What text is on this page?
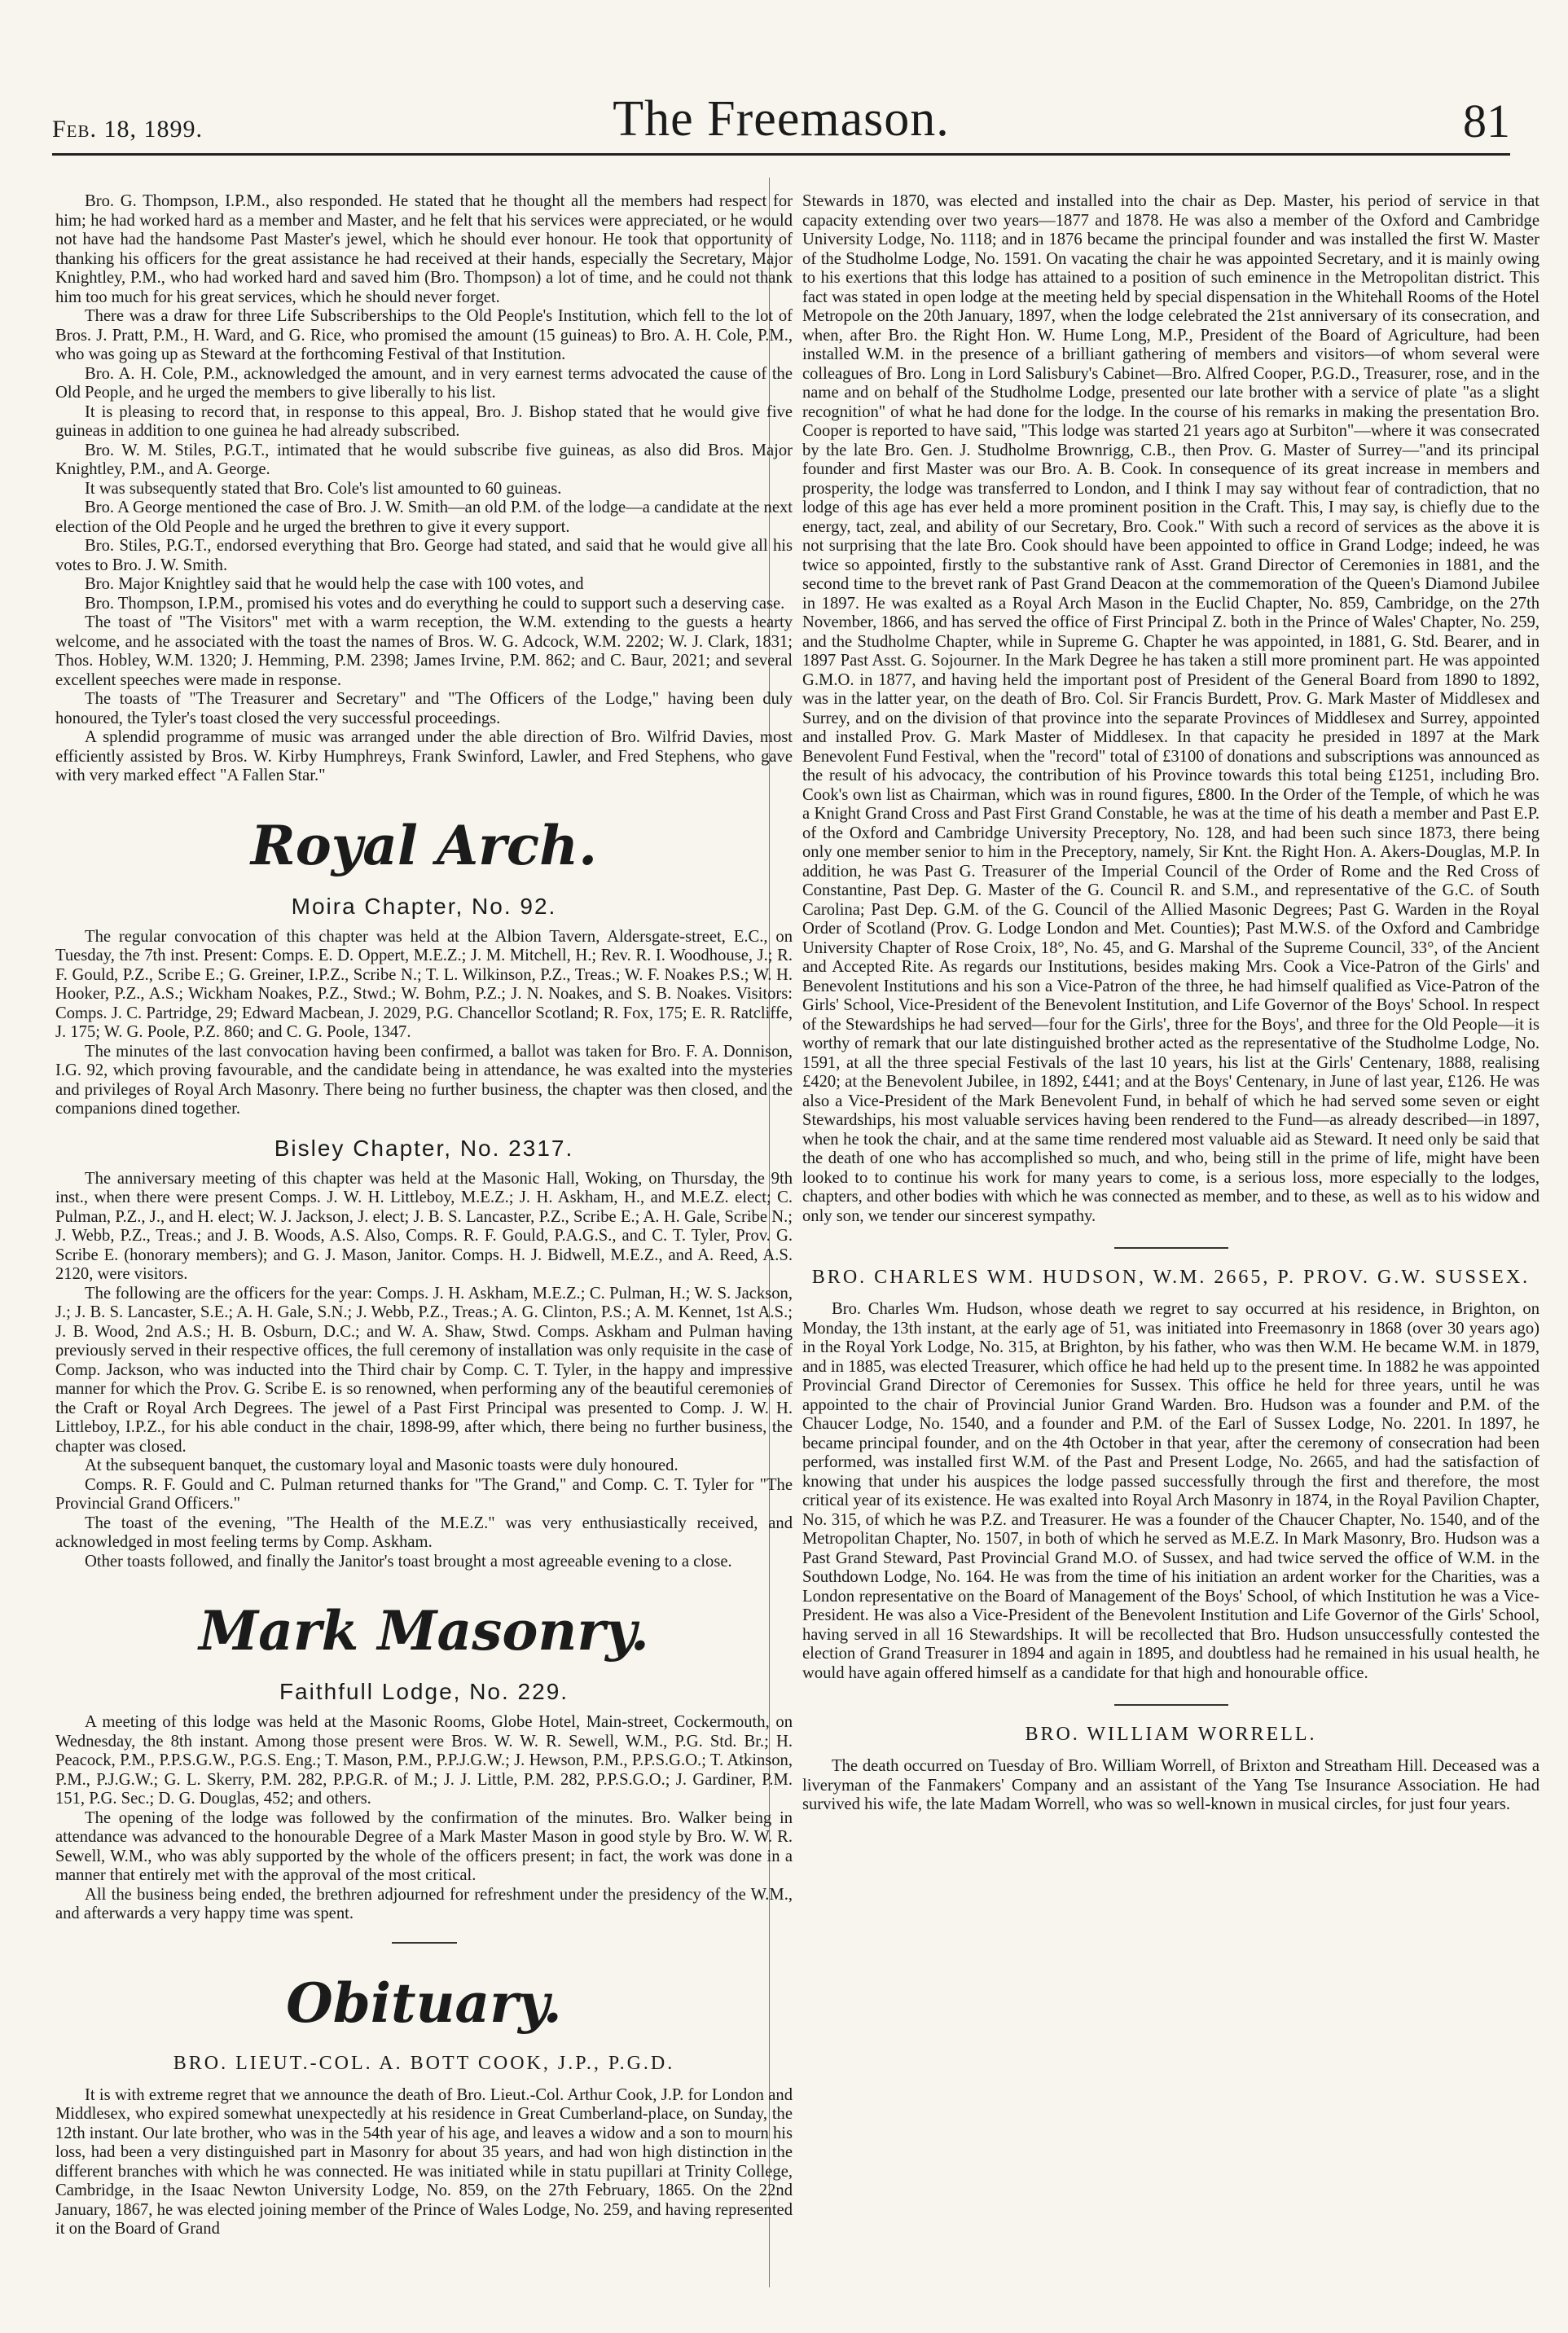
Feb. 18, 1899.	The Freemason.	81

Bro. G. Thompson, I.P.M., also responded. He stated that he thought all the members had respect for him; he had worked hard as a member and Master, and he felt that his services were appreciated, or he would not have had the handsome Past Master's jewel, which he should ever honour. He took that opportunity of thanking his officers for the great assistance he had received at their hands, especially the Secretary, Major Knightley, P.M., who had worked hard and saved him (Bro. Thompson) a lot of time, and he could not thank him too much for his great services, which he should never forget.

There was a draw for three Life Subscriberships to the Old People's Institution, which fell to the lot of Bros. J. Pratt, P.M., H. Ward, and G. Rice, who promised the amount (15 guineas) to Bro. A. H. Cole, P.M., who was going up as Steward at the forthcoming Festival of that Institution.

Bro. A. H. Cole, P.M., acknowledged the amount, and in very earnest terms advocated the cause of the Old People, and he urged the members to give liberally to his list.

It is pleasing to record that, in response to this appeal, Bro. J. Bishop stated that he would give five guineas in addition to one guinea he had already subscribed.

Bro. W. M. Stiles, P.G.T., intimated that he would subscribe five guineas, as also did Bros. Major Knightley, P.M., and A. George.

It was subsequently stated that Bro. Cole's list amounted to 60 guineas.

Bro. A George mentioned the case of Bro. J. W. Smith—an old P.M. of the lodge—a candidate at the next election of the Old People and he urged the brethren to give it every support.

Bro. Stiles, P.G.T., endorsed everything that Bro. George had stated, and said that he would give all his votes to Bro. J. W. Smith.

Bro. Major Knightley said that he would help the case with 100 votes, and

Bro. Thompson, I.P.M., promised his votes and do everything he could to support such a deserving case.

The toast of "The Visitors" met with a warm reception, the W.M. extending to the guests a hearty welcome, and he associated with the toast the names of Bros. W. G. Adcock, W.M. 2202; W. J. Clark, 1831; Thos. Hobley, W.M. 1320; J. Hemming, P.M. 2398; James Irvine, P.M. 862; and C. Baur, 2021; and several excellent speeches were made in response.

The toasts of "The Treasurer and Secretary" and "The Officers of the Lodge," having been duly honoured, the Tyler's toast closed the very successful proceedings.

A splendid programme of music was arranged under the able direction of Bro. Wilfrid Davies, most efficiently assisted by Bros. W. Kirby Humphreys, Frank Swinford, Lawler, and Fred Stephens, who gave with very marked effect "A Fallen Star."

Royal Arch.
Moira Chapter, No. 92.

The regular convocation of this chapter was held at the Albion Tavern, Aldersgate-street, E.C., on Tuesday, the 7th inst. Present: Comps. E. D. Oppert, M.E.Z.; J. M. Mitchell, H.; Rev. R. I. Woodhouse, J.; R. F. Gould, P.Z., Scribe E.; G. Greiner, I.P.Z., Scribe N.; T. L. Wilkinson, P.Z., Treas.; W. F. Noakes P.S.; W. H. Hooker, P.Z., A.S.; Wickham Noakes, P.Z., Stwd.; W. Bohm, P.Z.; J. N. Noakes, and S. B. Noakes. Visitors: Comps. J. C. Partridge, 29; Edward Macbean, J. 2029, P.G. Chancellor Scotland; R. Fox, 175; E. R. Ratcliffe, J. 175; W. G. Poole, P.Z. 860; and C. G. Poole, 1347.

The minutes of the last convocation having been confirmed, a ballot was taken for Bro. F. A. Donnison, I.G. 92, which proving favourable, and the candidate being in attendance, he was exalted into the mysteries and privileges of Royal Arch Masonry. There being no further business, the chapter was then closed, and the companions dined together.

Bisley Chapter, No. 2317.

The anniversary meeting of this chapter was held at the Masonic Hall, Woking, on Thursday, the 9th inst., when there were present Comps. J. W. H. Littleboy, M.E.Z.; J. H. Askham, H., and M.E.Z. elect; C. Pulman, P.Z., J., and H. elect; W. J. Jackson, J. elect; J. B. S. Lancaster, P.Z., Scribe E.; A. H. Gale, Scribe N.; J. Webb, P.Z., Treas.; and J. B. Woods, A.S. Also, Comps. R. F. Gould, P.A.G.S., and C. T. Tyler, Prov. G. Scribe E. (honorary members); and G. J. Mason, Janitor. Comps. H. J. Bidwell, M.E.Z., and A. Reed, A.S. 2120, were visitors.

The following are the officers for the year: Comps. J. H. Askham, M.E.Z.; C. Pulman, H.; W. S. Jackson, J.; J. B. S. Lancaster, S.E.; A. H. Gale, S.N.; J. Webb, P.Z., Treas.; A. G. Clinton, P.S.; A. M. Kennet, 1st A.S.; J. B. Wood, 2nd A.S.; H. B. Osburn, D.C.; and W. A. Shaw, Stwd. Comps. Askham and Pulman having previously served in their respective offices, the full ceremony of installation was only requisite in the case of Comp. Jackson, who was inducted into the Third chair by Comp. C. T. Tyler, in the happy and impressive manner for which the Prov. G. Scribe E. is so renowned, when performing any of the beautiful ceremonies of the Craft or Royal Arch Degrees. The jewel of a Past First Principal was presented to Comp. J. W. H. Littleboy, I.P.Z., for his able conduct in the chair, 1898-99, after which, there being no further business, the chapter was closed.

At the subsequent banquet, the customary loyal and Masonic toasts were duly honoured.

Comps. R. F. Gould and C. Pulman returned thanks for "The Grand," and Comp. C. T. Tyler for "The Provincial Grand Officers."

The toast of the evening, "The Health of the M.E.Z." was very enthusiastically received, and acknowledged in most feeling terms by Comp. Askham.

Other toasts followed, and finally the Janitor's toast brought a most agreeable evening to a close.

Mark Masonry.
Faithfull Lodge, No. 229.

A meeting of this lodge was held at the Masonic Rooms, Globe Hotel, Main-street, Cockermouth, on Wednesday, the 8th instant. Among those present were Bros. W. W. R. Sewell, W.M., P.G. Std. Br.; H. Peacock, P.M., P.P.S.G.W., P.G.S. Eng.; T. Mason, P.M., P.P.J.G.W.; J. Hewson, P.M., P.P.S.G.O.; T. Atkinson, P.M., P.J.G.W.; G. L. Skerry, P.M. 282, P.P.G.R. of M.; J. J. Little, P.M. 282, P.P.S.G.O.; J. Gardiner, P.M. 151, P.G. Sec.; D. G. Douglas, 452; and others.

The opening of the lodge was followed by the confirmation of the minutes. Bro. Walker being in attendance was advanced to the honourable Degree of a Mark Master Mason in good style by Bro. W. W. R. Sewell, W.M., who was ably supported by the whole of the officers present; in fact, the work was done in a manner that entirely met with the approval of the most critical.

All the business being ended, the brethren adjourned for refreshment under the presidency of the W.M., and afterwards a very happy time was spent.

Obituary.
BRO. LIEUT.-COL. A. BOTT COOK, J.P., P.G.D.

It is with extreme regret that we announce the death of Bro. Lieut.-Col. Arthur Cook, J.P. for London and Middlesex, who expired somewhat unexpectedly at his residence in Great Cumberland-place, on Sunday, the 12th instant. Our late brother, who was in the 54th year of his age, and leaves a widow and a son to mourn his loss, had been a very distinguished part in Masonry for about 35 years, and had won high distinction in the different branches with which he was connected. He was initiated while in statu pupillari at Trinity College, Cambridge, in the Isaac Newton University Lodge, No. 859, on the 27th February, 1865. On the 22nd January, 1867, he was elected joining member of the Prince of Wales Lodge, No. 259, and having represented it on the Board of Grand

Stewards in 1870, was elected and installed into the chair as Dep. Master, his period of service in that capacity extending over two years—1877 and 1878. He was also a member of the Oxford and Cambridge University Lodge, No. 1118; and in 1876 became the principal founder and was installed the first W. Master of the Studholme Lodge, No. 1591. On vacating the chair he was appointed Secretary, and it is mainly owing to his exertions that this lodge has attained to a position of such eminence in the Metropolitan district. This fact was stated in open lodge at the meeting held by special dispensation in the Whitehall Rooms of the Hotel Metropole on the 20th January, 1897, when the lodge celebrated the 21st anniversary of its consecration, and when, after Bro. the Right Hon. W. Hume Long, M.P., President of the Board of Agriculture, had been installed W.M. in the presence of a brilliant gathering of members and visitors—of whom several were colleagues of Bro. Long in Lord Salisbury's Cabinet—Bro. Alfred Cooper, P.G.D., Treasurer, rose, and in the name and on behalf of the Studholme Lodge, presented our late brother with a service of plate "as a slight recognition" of what he had done for the lodge. In the course of his remarks in making the presentation Bro. Cooper is reported to have said, "This lodge was started 21 years ago at Surbiton"—where it was consecrated by the late Bro. Gen. J. Studholme Brownrigg, C.B., then Prov. G. Master of Surrey—"and its principal founder and first Master was our Bro. A. B. Cook. In consequence of its great increase in members and prosperity, the lodge was transferred to London, and I think I may say without fear of contradiction, that no lodge of this age has ever held a more prominent position in the Craft. This, I may say, is chiefly due to the energy, tact, zeal, and ability of our Secretary, Bro. Cook." With such a record of services as the above it is not surprising that the late Bro. Cook should have been appointed to office in Grand Lodge; indeed, he was twice so appointed, firstly to the substantive rank of Asst. Grand Director of Ceremonies in 1881, and the second time to the brevet rank of Past Grand Deacon at the commemoration of the Queen's Diamond Jubilee in 1897. He was exalted as a Royal Arch Mason in the Euclid Chapter, No. 859, Cambridge, on the 27th November, 1866, and has served the office of First Principal Z. both in the Prince of Wales' Chapter, No. 259, and the Studholme Chapter, while in Supreme G. Chapter he was appointed, in 1881, G. Std. Bearer, and in 1897 Past Asst. G. Sojourner. In the Mark Degree he has taken a still more prominent part. He was appointed G.M.O. in 1877, and having held the important post of President of the General Board from 1890 to 1892, was in the latter year, on the death of Bro. Col. Sir Francis Burdett, Prov. G. Mark Master of Middlesex and Surrey, and on the division of that province into the separate Provinces of Middlesex and Surrey, appointed and installed Prov. G. Mark Master of Middlesex. In that capacity he presided in 1897 at the Mark Benevolent Fund Festival, when the "record" total of £3100 of donations and subscriptions was announced as the result of his advocacy, the contribution of his Province towards this total being £1251, including Bro. Cook's own list as Chairman, which was in round figures, £800. In the Order of the Temple, of which he was a Knight Grand Cross and Past First Grand Constable, he was at the time of his death a member and Past E.P. of the Oxford and Cambridge University Preceptory, No. 128, and had been such since 1873, there being only one member senior to him in the Preceptory, namely, Sir Knt. the Right Hon. A. Akers-Douglas, M.P. In addition, he was Past G. Treasurer of the Imperial Council of the Order of Rome and the Red Cross of Constantine, Past Dep. G. Master of the G. Council R. and S.M., and representative of the G.C. of South Carolina; Past Dep. G.M. of the G. Council of the Allied Masonic Degrees; Past G. Warden in the Royal Order of Scotland (Prov. G. Lodge London and Met. Counties); Past M.W.S. of the Oxford and Cambridge University Chapter of Rose Croix, 18°, No. 45, and G. Marshal of the Supreme Council, 33°, of the Ancient and Accepted Rite. As regards our Institutions, besides making Mrs. Cook a Vice-Patron of the Girls' and Benevolent Institutions and his son a Vice-Patron of the three, he had himself qualified as Vice-Patron of the Girls' School, Vice-President of the Benevolent Institution, and Life Governor of the Boys' School. In respect of the Stewardships he had served—four for the Girls', three for the Boys', and three for the Old People—it is worthy of remark that our late distinguished brother acted as the representative of the Studholme Lodge, No. 1591, at all the three special Festivals of the last 10 years, his list at the Girls' Centenary, 1888, realising £420; at the Benevolent Jubilee, in 1892, £441; and at the Boys' Centenary, in June of last year, £126. He was also a Vice-President of the Mark Benevolent Fund, in behalf of which he had served some seven or eight Stewardships, his most valuable services having been rendered to the Fund—as already described—in 1897, when he took the chair, and at the same time rendered most valuable aid as Steward. It need only be said that the death of one who has accomplished so much, and who, being still in the prime of life, might have been looked to to continue his work for many years to come, is a serious loss, more especially to the lodges, chapters, and other bodies with which he was connected as member, and to these, as well as to his widow and only son, we tender our sincerest sympathy.

BRO. CHARLES WM. HUDSON, W.M. 2665, P. PROV. G.W. SUSSEX.

Bro. Charles Wm. Hudson, whose death we regret to say occurred at his residence, in Brighton, on Monday, the 13th instant, at the early age of 51, was initiated into Freemasonry in 1868 (over 30 years ago) in the Royal York Lodge, No. 315, at Brighton, by his father, who was then W.M. He became W.M. in 1879, and in 1885, was elected Treasurer, which office he had held up to the present time. In 1882 he was appointed Provincial Grand Director of Ceremonies for Sussex. This office he held for three years, until he was appointed to the chair of Provincial Junior Grand Warden. Bro. Hudson was a founder and P.M. of the Chaucer Lodge, No. 1540, and a founder and P.M. of the Earl of Sussex Lodge, No. 2201. In 1897, he became principal founder, and on the 4th October in that year, after the ceremony of consecration had been performed, was installed first W.M. of the Past and Present Lodge, No. 2665, and had the satisfaction of knowing that under his auspices the lodge passed successfully through the first and therefore, the most critical year of its existence. He was exalted into Royal Arch Masonry in 1874, in the Royal Pavilion Chapter, No. 315, of which he was P.Z. and Treasurer. He was a founder of the Chaucer Chapter, No. 1540, and of the Metropolitan Chapter, No. 1507, in both of which he served as M.E.Z. In Mark Masonry, Bro. Hudson was a Past Grand Steward, Past Provincial Grand M.O. of Sussex, and had twice served the office of W.M. in the Southdown Lodge, No. 164. He was from the time of his initiation an ardent worker for the Charities, was a London representative on the Board of Management of the Boys' School, of which Institution he was a Vice-President. He was also a Vice-President of the Benevolent Institution and Life Governor of the Girls' School, having served in all 16 Stewardships. It will be recollected that Bro. Hudson unsuccessfully contested the election of Grand Treasurer in 1894 and again in 1895, and doubtless had he remained in his usual health, he would have again offered himself as a candidate for that high and honourable office.

BRO. WILLIAM WORRELL.

The death occurred on Tuesday of Bro. William Worrell, of Brixton and Streatham Hill. Deceased was a liveryman of the Fanmakers' Company and an assistant of the Yang Tse Insurance Association. He had survived his wife, the late Madam Worrell, who was so well-known in musical circles, for just four years.
